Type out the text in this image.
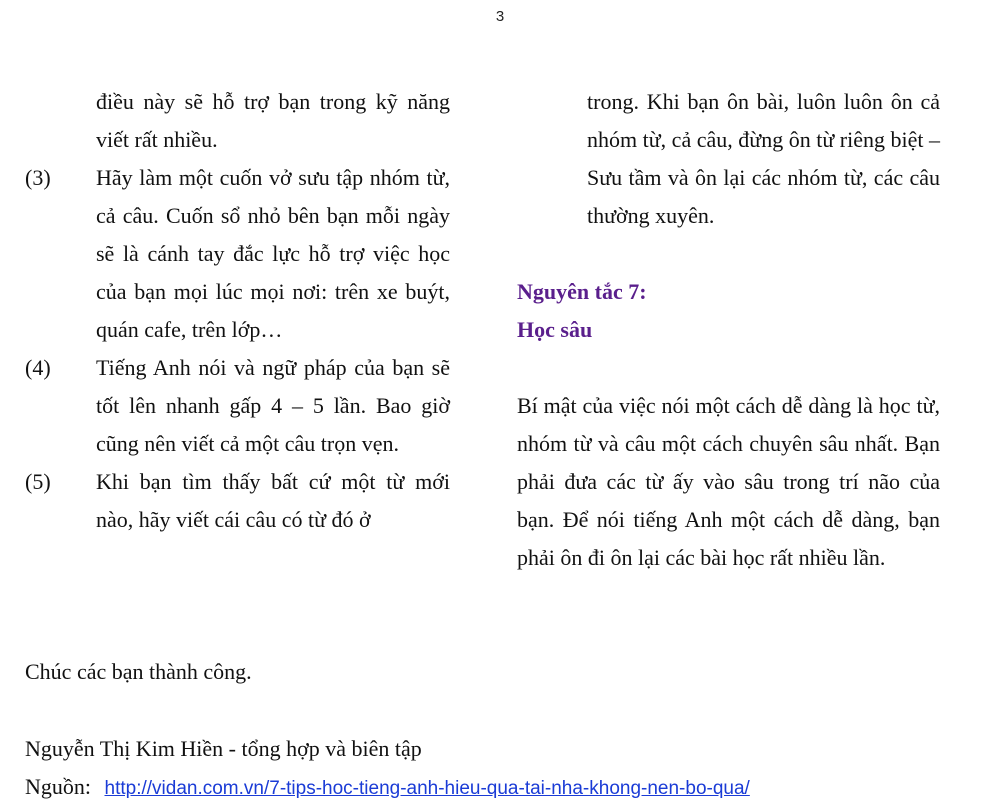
3
điều này sẽ hỗ trợ bạn trong kỹ năng viết rất nhiều.
(3)	Hãy làm một cuốn vở sưu tập nhóm từ, cả câu. Cuốn sổ nhỏ bên bạn mỗi ngày sẽ là cánh tay đắc lực hỗ trợ việc học của bạn mọi lúc mọi nơi: trên xe buýt, quán cafe, trên lớp…
(4)	Tiếng Anh nói và ngữ pháp của bạn sẽ tốt lên nhanh gấp 4 – 5 lần. Bao giờ cũng nên viết cả một câu trọn vẹn.
(5)	Khi bạn tìm thấy bất cứ một từ mới nào, hãy viết cái câu có từ đó ở
trong. Khi bạn ôn bài, luôn luôn ôn cả nhóm từ, cả câu, đừng ôn từ riêng biệt – Sưu tầm và ôn lại các nhóm từ, các câu thường xuyên.
Nguyên tắc 7:
Học sâu
Bí mật của việc nói một cách dễ dàng là học từ, nhóm từ và câu một cách chuyên sâu nhất. Bạn phải đưa các từ ấy vào sâu trong trí não của bạn. Để nói tiếng Anh một cách dễ dàng, bạn phải ôn đi ôn lại các bài học rất nhiều lần.
Chúc các bạn thành công.
Nguyễn Thị Kim Hiền - tổng hợp và biên tập
Nguồn: http://vidan.com.vn/7-tips-hoc-tieng-anh-hieu-qua-tai-nha-khong-nen-bo-qua/
